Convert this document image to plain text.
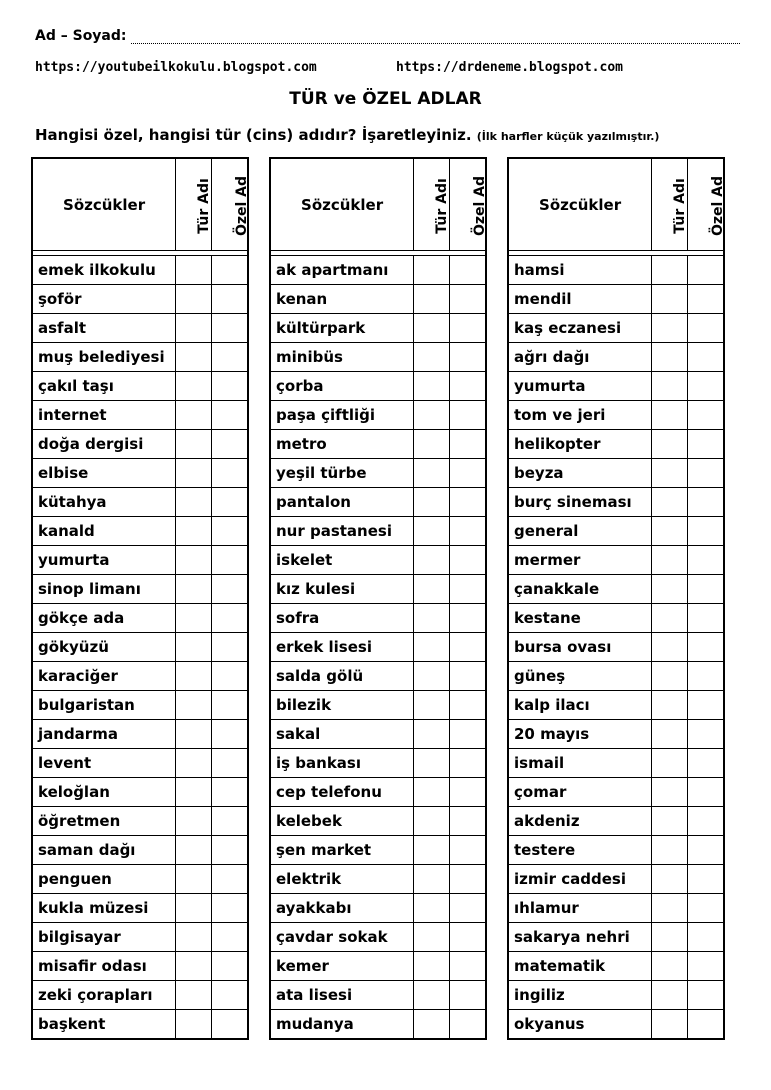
Ad – Soyad:
https://youtubeilkokulu.blogspot.com	https://drdeneme.blogspot.com
TÜR ve ÖZEL ADLAR
Hangisi özel, hangisi tür (cins) adıdır? İşaretleyiniz. (İlk harfler küçük yazılmıştır.)
Sözcükler	Tür Adı	Özel Ad

emek ilkokulu		
şoför		
asfalt		
muş belediyesi		
çakıl taşı		
internet		
doğa dergisi		
elbise		
kütahya		
kanald		
yumurta		
sinop limanı		
gökçe ada		
gökyüzü		
karaciğer		
bulgaristan		
jandarma		
levent		
keloğlan		
öğretmen		
saman dağı		
penguen		
kukla müzesi		
bilgisayar		
misafir odası		
zeki çorapları		
başkent		
Sözcükler	Tür Adı	Özel Ad

ak apartmanı		
kenan		
kültürpark		
minibüs		
çorba		
paşa çiftliği		
metro		
yeşil türbe		
pantalon		
nur pastanesi		
iskelet		
kız kulesi		
sofra		
erkek lisesi		
salda gölü		
bilezik		
sakal		
iş bankası		
cep telefonu		
kelebek		
şen market		
elektrik		
ayakkabı		
çavdar sokak		
kemer		
ata lisesi		
mudanya		
Sözcükler	Tür Adı	Özel Ad

hamsi		
mendil		
kaş eczanesi		
ağrı dağı		
yumurta		
tom ve jeri		
helikopter		
beyza		
burç sineması		
general		
mermer		
çanakkale		
kestane		
bursa ovası		
güneş		
kalp ilacı		
20 mayıs		
ismail		
çomar		
akdeniz		
testere		
izmir caddesi		
ıhlamur		
sakarya nehri		
matematik		
ingiliz		
okyanus		
